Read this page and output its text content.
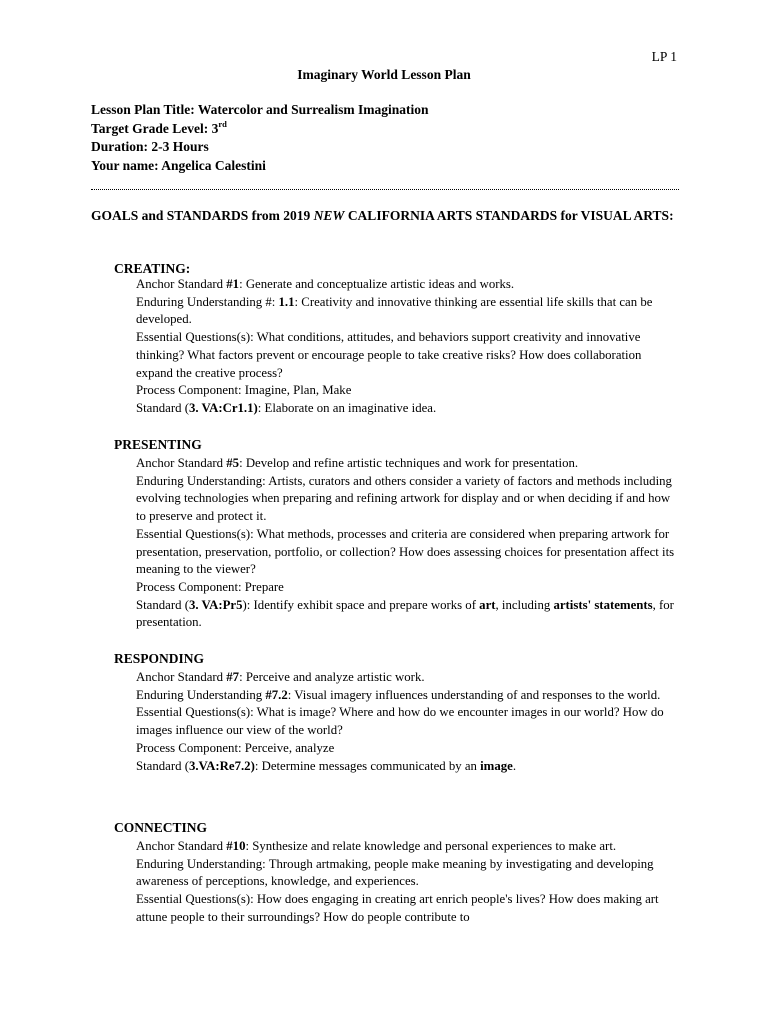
LP 1
Imaginary World Lesson Plan
Lesson Plan Title: Watercolor and Surrealism Imagination
Target Grade Level: 3rd
Duration: 2-3 Hours
Your name: Angelica Calestini
GOALS and STANDARDS from 2019 NEW CALIFORNIA ARTS STANDARDS for VISUAL ARTS:
CREATING:

Anchor Standard #1: Generate and conceptualize artistic ideas and works.

Enduring Understanding #: 1.1: Creativity and innovative thinking are essential life skills that can be developed.

Essential Questions(s): What conditions, attitudes, and behaviors support creativity and innovative thinking? What factors prevent or encourage people to take creative risks? How does collaboration expand the creative process?

Process Component: Imagine, Plan, Make

Standard (3. VA:Cr1.1): Elaborate on an imaginative idea.

PRESENTING

Anchor Standard #5: Develop and refine artistic techniques and work for presentation.

Enduring Understanding: Artists, curators and others consider a variety of factors and methods including evolving technologies when preparing and refining artwork for display and or when deciding if and how to preserve and protect it.

Essential Questions(s): What methods, processes and criteria are considered when preparing artwork for presentation, preservation, portfolio, or collection? How does assessing choices for presentation affect its meaning to the viewer?

Process Component: Prepare

Standard (3. VA:Pr5): Identify exhibit space and prepare works of art, including artists' statements, for presentation.

RESPONDING

Anchor Standard #7: Perceive and analyze artistic work.

Enduring Understanding #7.2: Visual imagery influences understanding of and responses to the world.

Essential Questions(s): What is image? Where and how do we encounter images in our world? How do images influence our view of the world?

Process Component: Perceive, analyze

Standard (3.VA:Re7.2): Determine messages communicated by an image.

CONNECTING

Anchor Standard #10: Synthesize and relate knowledge and personal experiences to make art.

Enduring Understanding: Through artmaking, people make meaning by investigating and developing awareness of perceptions, knowledge, and experiences.

Essential Questions(s): How does engaging in creating art enrich people's lives? How does making art attune people to their surroundings? How do people contribute to
